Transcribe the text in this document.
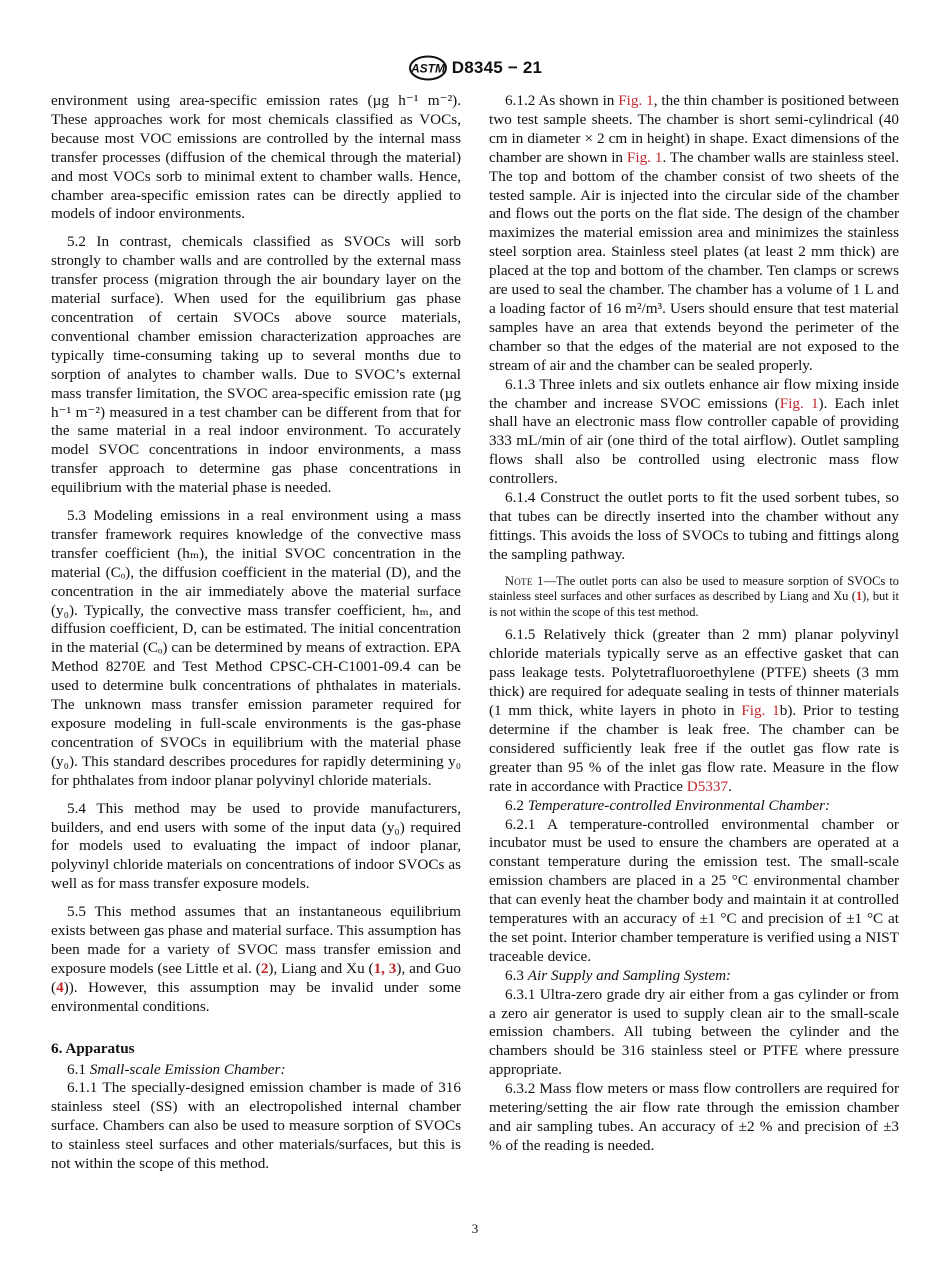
ASTM D8345 − 21

environment using area-specific emission rates (µg h⁻¹ m⁻²). These approaches work for most chemicals classified as VOCs, because most VOC emissions are controlled by the internal mass transfer processes (diffusion of the chemical through the material) and most VOCs sorb to minimal extent to chamber walls. Hence, chamber area-specific emission rates can be directly applied to models of indoor environments.

5.2 In contrast, chemicals classified as SVOCs will sorb strongly to chamber walls and are controlled by the external mass transfer process (migration through the air boundary layer on the material surface). When used for the equilibrium gas phase concentration of certain SVOCs above source materials, conventional chamber emission characterization approaches are typically time-consuming taking up to several months due to sorption of analytes to chamber walls. Due to SVOC’s external mass transfer limitation, the SVOC area-specific emission rate (µg h⁻¹ m⁻²) measured in a test chamber can be different from that for the same material in a real indoor environment. To accurately model SVOC concentrations in indoor environments, a mass transfer approach to determine gas phase concentrations in equilibrium with the material phase is needed.

5.3 Modeling emissions in a real environment using a mass transfer framework requires knowledge of the convective mass transfer coefficient (hₘ), the initial SVOC concentration in the material (Cₒ), the diffusion coefficient in the material (D), and the concentration in the air immediately above the material surface (y₀). Typically, the convective mass transfer coefficient, hₘ, and diffusion coefficient, D, can be estimated. The initial concentration in the material (Cₒ) can be determined by means of extraction. EPA Method 8270E and Test Method CPSC-CH-C1001-09.4 can be used to determine bulk concentrations of phthalates in materials. The unknown mass transfer emission parameter required for exposure modeling in full-scale environments is the gas-phase concentration of SVOCs in equilibrium with the material phase (y₀). This standard describes procedures for rapidly determining y₀ for phthalates from indoor planar polyvinyl chloride materials.

5.4 This method may be used to provide manufacturers, builders, and end users with some of the input data (y₀) required for models used to evaluating the impact of indoor planar, polyvinyl chloride materials on concentrations of indoor SVOCs as well as for mass transfer exposure models.

5.5 This method assumes that an instantaneous equilibrium exists between gas phase and material surface. This assumption has been made for a variety of SVOC mass transfer emission and exposure models (see Little et al. (2), Liang and Xu (1, 3), and Guo (4)). However, this assumption may be invalid under some environmental conditions.

6. Apparatus

6.1 Small-scale Emission Chamber:

6.1.1 The specially-designed emission chamber is made of 316 stainless steel (SS) with an electropolished internal chamber surface. Chambers can also be used to measure sorption of SVOCs to stainless steel surfaces and other materials/surfaces, but this is not within the scope of this method.

6.1.2 As shown in Fig. 1, the thin chamber is positioned between two test sample sheets. The chamber is short semi-cylindrical (40 cm in diameter × 2 cm in height) in shape. Exact dimensions of the chamber are shown in Fig. 1. The chamber walls are stainless steel. The top and bottom of the chamber consist of two sheets of the tested sample. Air is injected into the circular side of the chamber and flows out the ports on the flat side. The design of the chamber maximizes the material emission area and minimizes the stainless steel sorption area. Stainless steel plates (at least 2 mm thick) are placed at the top and bottom of the chamber. Ten clamps or screws are used to seal the chamber. The chamber has a volume of 1 L and a loading factor of 16 m²/m³. Users should ensure that test material samples have an area that extends beyond the perimeter of the chamber so that the edges of the material are not exposed to the stream of air and the chamber can be sealed properly.

6.1.3 Three inlets and six outlets enhance air flow mixing inside the chamber and increase SVOC emissions (Fig. 1). Each inlet shall have an electronic mass flow controller capable of providing 333 mL/min of air (one third of the total airflow). Outlet sampling flows shall also be controlled using electronic mass flow controllers.

6.1.4 Construct the outlet ports to fit the used sorbent tubes, so that tubes can be directly inserted into the chamber without any fittings. This avoids the loss of SVOCs to tubing and fittings along the sampling pathway.

Note 1—The outlet ports can also be used to measure sorption of SVOCs to stainless steel surfaces and other surfaces as described by Liang and Xu (1), but it is not within the scope of this test method.

6.1.5 Relatively thick (greater than 2 mm) planar polyvinyl chloride materials typically serve as an effective gasket that can pass leakage tests. Polytetrafluoroethylene (PTFE) sheets (3 mm thick) are required for adequate sealing in tests of thinner materials (1 mm thick, white layers in photo in Fig. 1b). Prior to testing determine if the chamber is leak free. The chamber can be considered sufficiently leak free if the outlet gas flow rate is greater than 95 % of the inlet gas flow rate. Measure in the flow rate in accordance with Practice D5337.

6.2 Temperature-controlled Environmental Chamber:

6.2.1 A temperature-controlled environmental chamber or incubator must be used to ensure the chambers are operated at a constant temperature during the emission test. The small-scale emission chambers are placed in a 25 °C environmental chamber that can evenly heat the chamber body and maintain it at controlled temperatures with an accuracy of ±1 °C and precision of ±1 °C at the set point. Interior chamber temperature is verified using a NIST traceable device.

6.3 Air Supply and Sampling System:

6.3.1 Ultra-zero grade dry air either from a gas cylinder or from a zero air generator is used to supply clean air to the small-scale emission chambers. All tubing between the cylinder and the chambers should be 316 stainless steel or PTFE where pressure appropriate.

6.3.2 Mass flow meters or mass flow controllers are required for metering/setting the air flow rate through the emission chamber and air sampling tubes. An accuracy of ±2 % and precision of ±3 % of the reading is needed.

3
